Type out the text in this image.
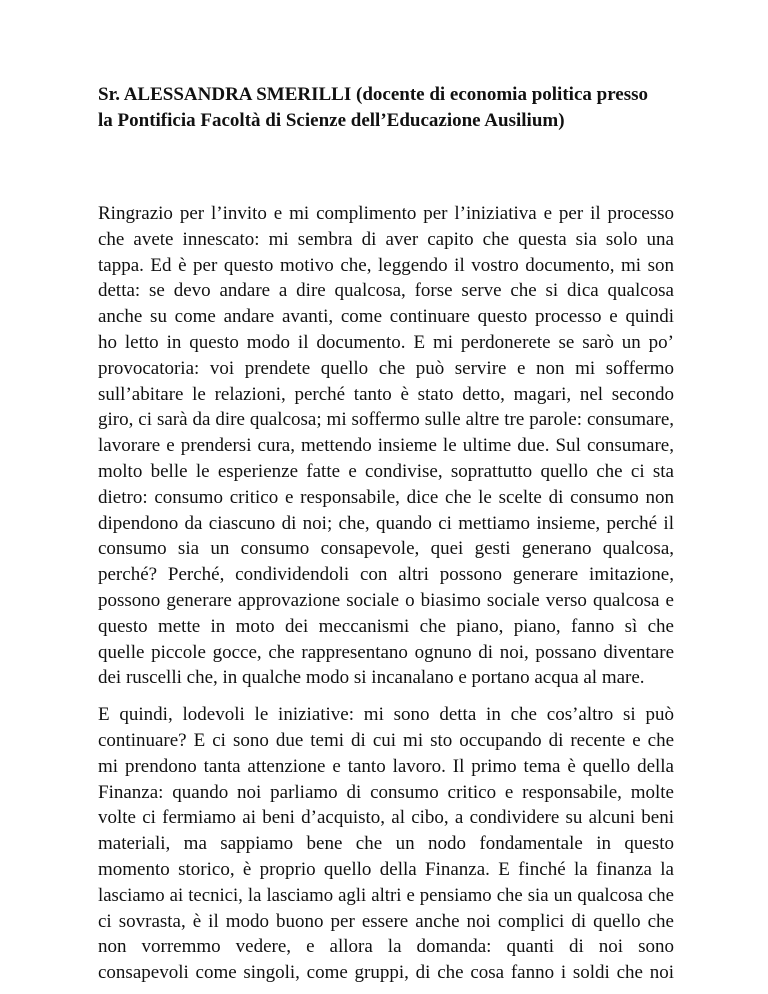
Sr. ALESSANDRA SMERILLI (docente di economia politica presso
la Pontificia Facoltà di Scienze dell’Educazione Ausilium)

Ringrazio per l’invito e mi complimento per l’iniziativa e per il processo
che avete innescato: mi sembra di aver capito che questa sia solo una
tappa. Ed è per questo motivo che, leggendo il vostro documento, mi son
detta: se devo andare a dire qualcosa, forse serve che si dica qualcosa
anche su come andare avanti, come continuare questo processo e quindi
ho letto in questo modo il documento. E mi perdonerete se sarò un po’
provocatoria: voi prendete quello che può servire e non mi soffermo
sull’abitare le relazioni, perché tanto è stato detto, magari, nel secondo
giro, ci sarà da dire qualcosa; mi soffermo sulle altre tre parole: consumare,
lavorare e prendersi cura, mettendo insieme le ultime due. Sul consumare,
molto belle le esperienze fatte e condivise, soprattutto quello che ci sta
dietro: consumo critico e responsabile, dice che le scelte di consumo non
dipendono da ciascuno di noi; che, quando ci mettiamo insieme, perché il
consumo sia un consumo consapevole, quei gesti generano qualcosa,
perché? Perché, condividendoli con altri possono generare imitazione,
possono generare approvazione sociale o biasimo sociale verso qualcosa e
questo mette in moto dei meccanismi che piano, piano, fanno sì che
quelle piccole gocce, che rappresentano ognuno di noi, possano diventare
dei ruscelli che, in qualche modo si incanalano e portano acqua al mare.

E quindi, lodevoli le iniziative: mi sono detta in che cos’altro si può
continuare? E ci sono due temi di cui mi sto occupando di recente e che
mi prendono tanta attenzione e tanto lavoro. Il primo tema è quello della
Finanza: quando noi parliamo di consumo critico e responsabile, molte
volte ci fermiamo ai beni d’acquisto, al cibo, a condividere su alcuni beni
materiali, ma sappiamo bene che un nodo fondamentale in questo
momento storico, è proprio quello della Finanza. E finché la finanza la
lasciamo ai tecnici, la lasciamo agli altri e pensiamo che sia un qualcosa che
ci sovrasta, è il modo buono per essere anche noi complici di quello che
non vorremmo vedere, e allora la domanda: quanti di noi sono
consapevoli come singoli, come gruppi, di che cosa fanno i soldi che noi
